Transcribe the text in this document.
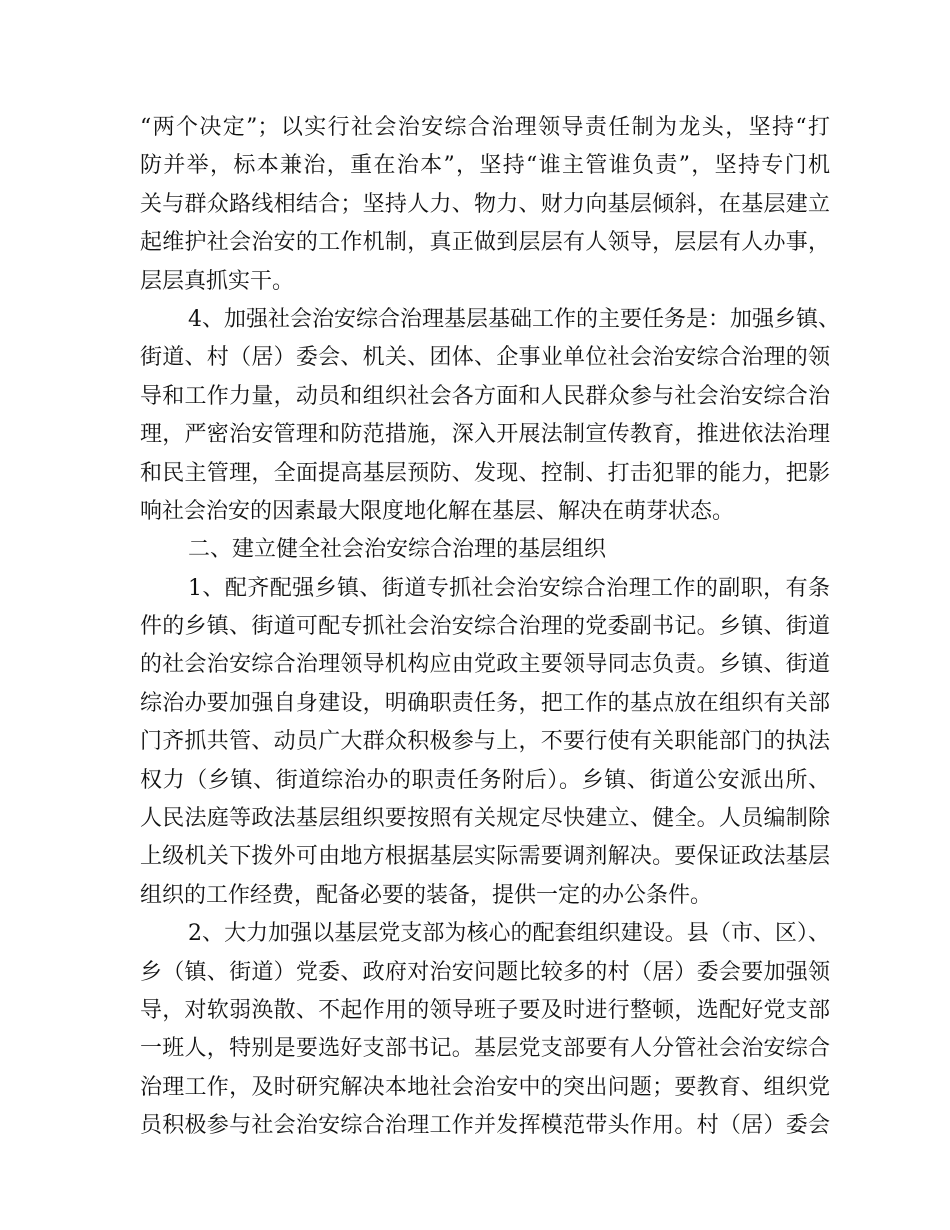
“两个决定”；以实行社会治安综合治理领导责任制为龙头，坚持“打
防并举，标本兼治，重在治本”，坚持“谁主管谁负责”，坚持专门机
关与群众路线相结合；坚持人力、物力、财力向基层倾斜，在基层建立
起维护社会治安的工作机制，真正做到层层有人领导，层层有人办事，
层层真抓实干。
4、加强社会治安综合治理基层基础工作的主要任务是：加强乡镇、
街道、村（居）委会、机关、团体、企事业单位社会治安综合治理的领
导和工作力量，动员和组织社会各方面和人民群众参与社会治安综合治
理，严密治安管理和防范措施，深入开展法制宣传教育，推进依法治理
和民主管理，全面提高基层预防、发现、控制、打击犯罪的能力，把影
响社会治安的因素最大限度地化解在基层、解决在萌芽状态。
二、建立健全社会治安综合治理的基层组织
1、配齐配强乡镇、街道专抓社会治安综合治理工作的副职，有条
件的乡镇、街道可配专抓社会治安综合治理的党委副书记。乡镇、街道
的社会治安综合治理领导机构应由党政主要领导同志负责。乡镇、街道
综治办要加强自身建设，明确职责任务，把工作的基点放在组织有关部
门齐抓共管、动员广大群众积极参与上，不要行使有关职能部门的执法
权力（乡镇、街道综治办的职责任务附后）。乡镇、街道公安派出所、
人民法庭等政法基层组织要按照有关规定尽快建立、健全。人员编制除
上级机关下拨外可由地方根据基层实际需要调剂解决。要保证政法基层
组织的工作经费，配备必要的装备，提供一定的办公条件。
2、大力加强以基层党支部为核心的配套组织建设。县（市、区）、
乡（镇、街道）党委、政府对治安问题比较多的村（居）委会要加强领
导，对软弱涣散、不起作用的领导班子要及时进行整顿，选配好党支部
一班人，特别是要选好支部书记。基层党支部要有人分管社会治安综合
治理工作，及时研究解决本地社会治安中的突出问题；要教育、组织党
员积极参与社会治安综合治理工作并发挥模范带头作用。村（居）委会
